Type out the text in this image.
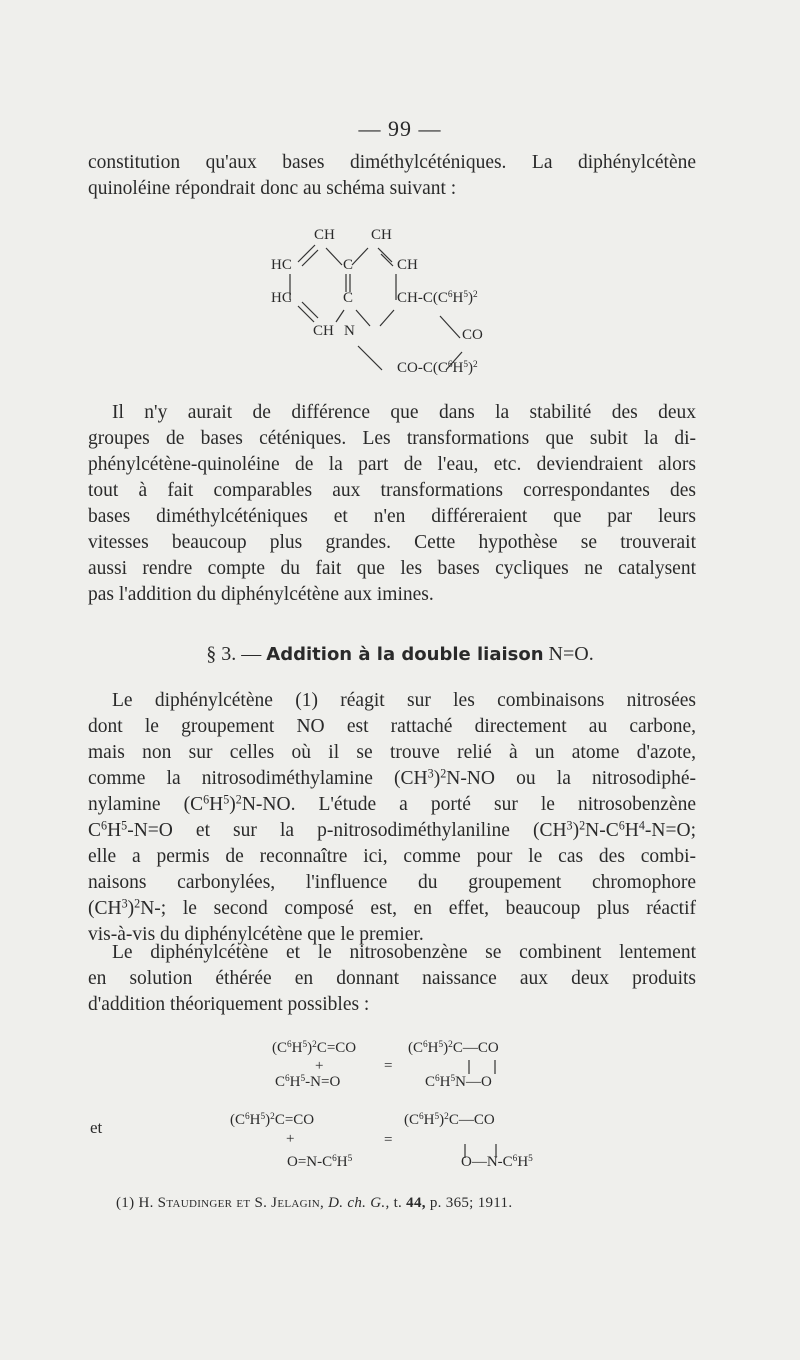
— 99 —
constitution qu'aux bases diméthylcéténiques. La diphénylcétène
quinoléine répondrait donc au schéma suivant :
CH CH
HC	C	CH
HC	C	$CH-C(C^6H^5)^2$
CH N	CO
$CO-C(C^6H^5)^2$
Il n'y aurait de différence que dans la stabilité des deux
groupes de bases céténiques. Les transformations que subit la di-
phénylcétène-quinoléine de la part de l'eau, etc. deviendraient alors
tout à fait comparables aux transformations correspondantes des
bases diméthylcéténiques et n'en différeraient que par leurs
vitesses beaucoup plus grandes. Cette hypothèse se trouverait
aussi rendre compte du fait que les bases cycliques ne catalysent
pas l'addition du diphénylcétène aux imines.
§ 3. — Addition à la double liaison N=O.
Le diphénylcétène (1) réagit sur les combinaisons nitrosées
dont le groupement NO est rattaché directement au carbone,
mais non sur celles où il se trouve relié à un atome d'azote,
comme la nitrosodiméthylamine $(CH^3)^2N-NO$ ou la nitrosodiphé-
nylamine $(C^6H^5)^2N-NO$. L'étude a porté sur le nitrosobenzène
$C^6H^5-N=O$ et sur la p-nitrosodiméthylaniline $(CH^3)^2N-C^6H^4-N=O$;
elle a permis de reconnaître ici, comme pour le cas des combi-
naisons carbonylées, l'influence du groupement chromophore
$(CH^3)^2N-$; le second composé est, en effet, beaucoup plus réactif
vis-à-vis du diphénylcétène que le premier.
Le diphénylcétène et le nitrosobenzène se combinent lentement
en solution éthérée en donnant naissance aux deux produits
d'addition théoriquement possibles :
$(C^6H^5)^2C=CO$
+	=
$C^6H^5-N=O$
$(C^6H^5)^2C—CO$
$C^6H^5N—O$
et	$(C^6H^5)^2C=CO$
+	=
$O=N-C^6H^5$
$(C^6H^5)^2C—CO$
$O—N-C^6H^5$
(1) H. Staudinger et S. Jelagin, D. ch. G., t. 44, p. 365; 1911.
